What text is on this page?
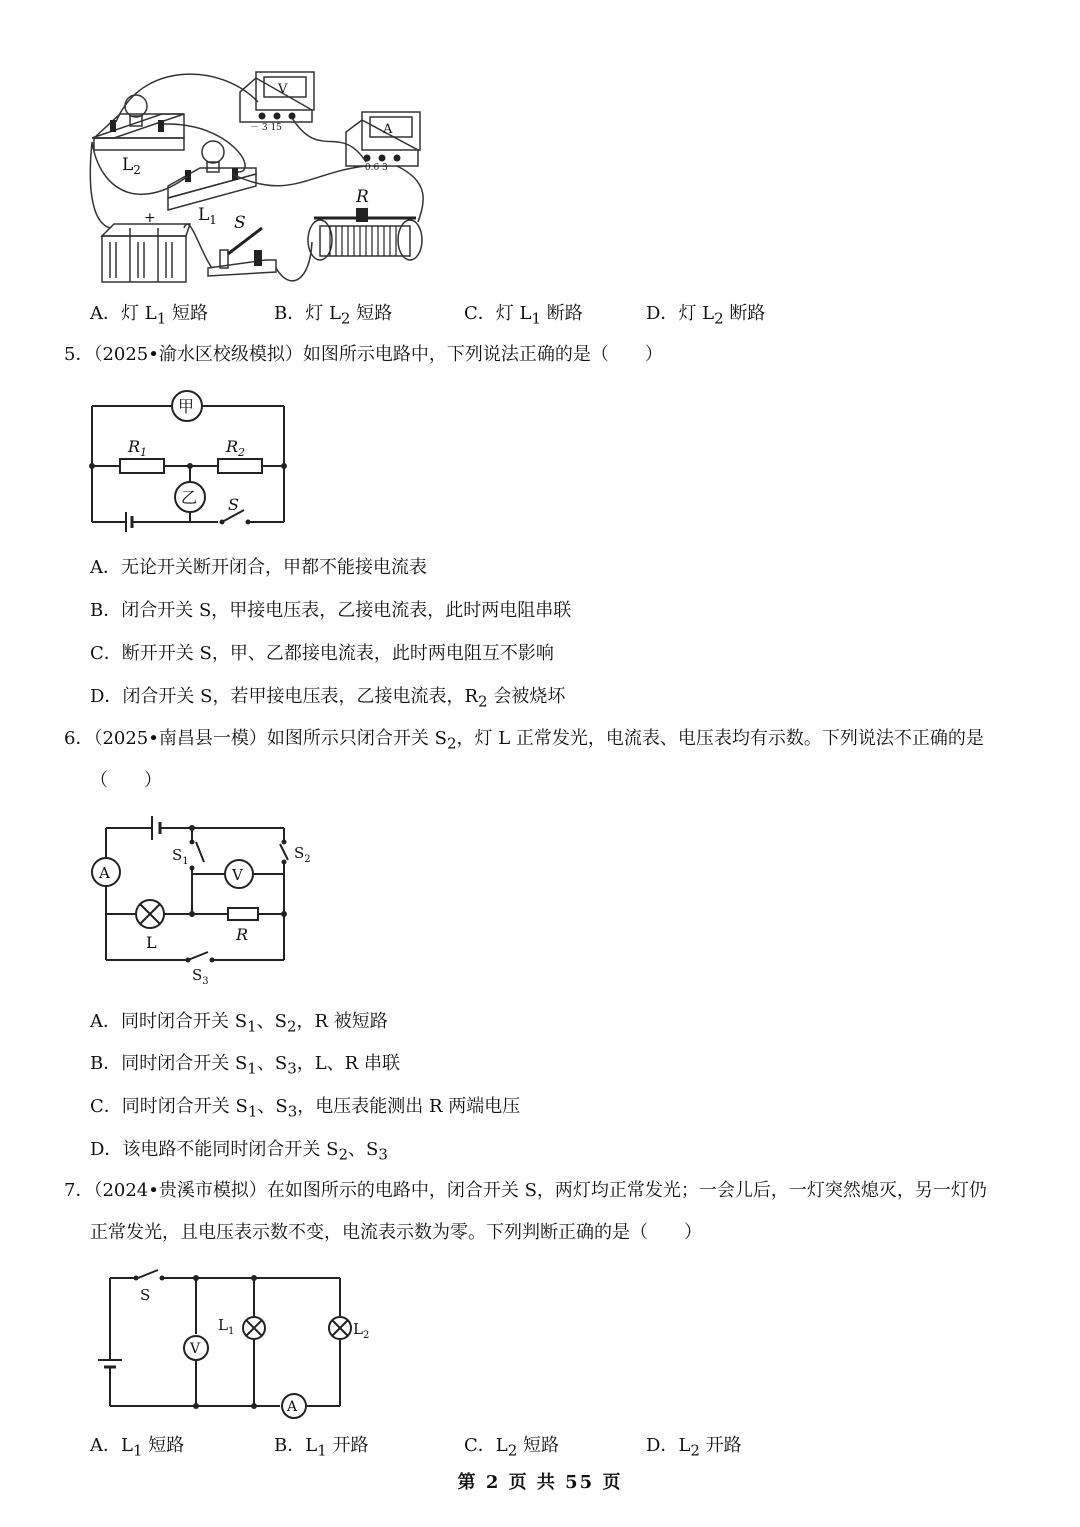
$L_2$
$L_1$
V
－ 3 15	A
－ 0.6 3
+	S
R
A．灯 $L_1$ 短路	B．灯 $L_2$ 短路	C．灯 $L_1$ 断路	D．灯 $L_2$ 断路
5．（2025•渝水区校级模拟）如图所示电路中，下列说法正确的是（　　）
甲
$R_1$	$R_2$
乙 S
A．无论开关断开闭合，甲都不能接电流表
B．闭合开关 S，甲接电压表，乙接电流表，此时两电阻串联
C．断开开关 S，甲、乙都接电流表，此时两电阻互不影响
D．闭合开关 S，若甲接电压表，乙接电流表，$R_2$ 会被烧坏
6．（2025•南昌县一模）如图所示只闭合开关 $S_2$，灯 L 正常发光，电流表、电压表均有示数。下列说法不正确的是
（　　）
A
$S_1$	$S_2$
V
L	R
$S_3$
A．同时闭合开关 $S_1$、$S_2$，R 被短路
B．同时闭合开关 $S_1$、$S_3$，L、R 串联
C．同时闭合开关 $S_1$、$S_3$，电压表能测出 R 两端电压
D．该电路不能同时闭合开关 $S_2$、$S_3$
7．（2024•贵溪市模拟）在如图所示的电路中，闭合开关 S，两灯均正常发光；一会儿后，一灯突然熄灭，另一灯仍
正常发光，且电压表示数不变，电流表示数为零。下列判断正确的是（　　）
S
A
V
$L_1$	$L_2$
A．$L_1$ 短路	B．$L_1$ 开路	C．$L_2$ 短路	D．$L_2$ 开路
第 2 页 共 55 页
